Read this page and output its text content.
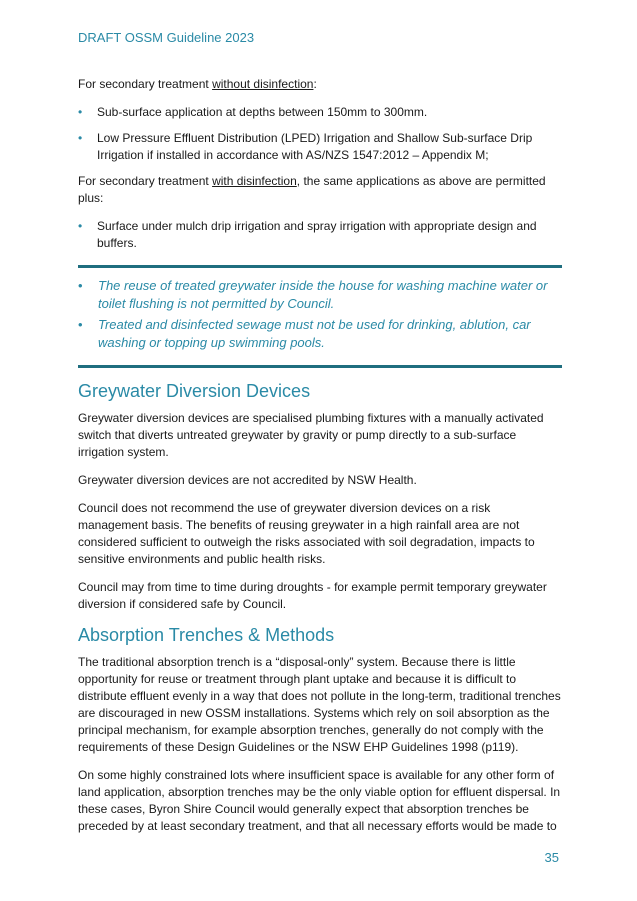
DRAFT OSSM Guideline 2023

For secondary treatment without disinfection:

• Sub-surface application at depths between 150mm to 300mm.
• Low Pressure Effluent Distribution (LPED) Irrigation and Shallow Sub-surface Drip Irrigation if installed in accordance with AS/NZS 1547:2012 – Appendix M;

For secondary treatment with disinfection, the same applications as above are permitted plus:

• Surface under mulch drip irrigation and spray irrigation with appropriate design and buffers.
• The reuse of treated greywater inside the house for washing machine water or toilet flushing is not permitted by Council.
• Treated and disinfected sewage must not be used for drinking, ablution, car washing or topping up swimming pools.
Greywater Diversion Devices

Greywater diversion devices are specialised plumbing fixtures with a manually activated switch that diverts untreated greywater by gravity or pump directly to a sub-surface irrigation system.

Greywater diversion devices are not accredited by NSW Health.

Council does not recommend the use of greywater diversion devices on a risk management basis. The benefits of reusing greywater in a high rainfall area are not considered sufficient to outweigh the risks associated with soil degradation, impacts to sensitive environments and public health risks.

Council may from time to time during droughts - for example permit temporary greywater diversion if considered safe by Council.

Absorption Trenches & Methods

The traditional absorption trench is a “disposal-only” system. Because there is little opportunity for reuse or treatment through plant uptake and because it is difficult to distribute effluent evenly in a way that does not pollute in the long-term, traditional trenches are discouraged in new OSSM installations. Systems which rely on soil absorption as the principal mechanism, for example absorption trenches, generally do not comply with the requirements of these Design Guidelines or the NSW EHP Guidelines 1998 (p119).

On some highly constrained lots where insufficient space is available for any other form of land application, absorption trenches may be the only viable option for effluent dispersal. In these cases, Byron Shire Council would generally expect that absorption trenches be preceded by at least secondary treatment, and that all necessary efforts would be made to

35
